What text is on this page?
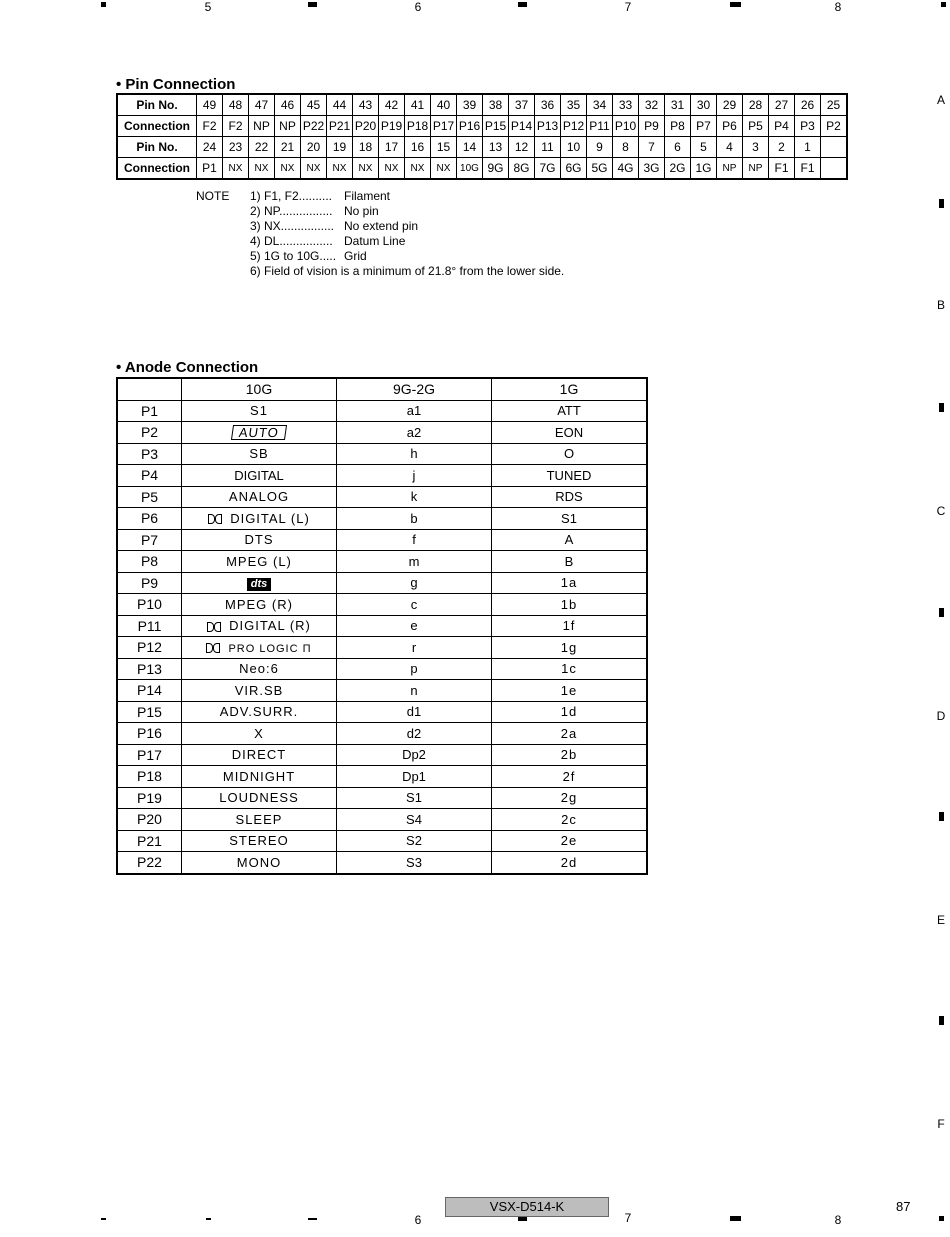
5	6	7	8
A
B
C
D
E
F
• Pin Connection
Pin No.	49	48	47	46	45	44	43	42	41	40	39	38	37	36	35	34	33	32	31	30	29	28	27	26	25
Connection	F2	F2	NP	NP	P22	P21	P20	P19	P18	P17	P16	P15	P14	P13	P12	P11	P10	P9	P8	P7	P6	P5	P4	P3	P2
Pin No.	24	23	22	21	20	19	18	17	16	15	14	13	12	11	10	9	8	7	6	5	4	3	2	1	
Connection	P1	NX	NX	NX	NX	NX	NX	NX	NX	NX	10G	9G	8G	7G	6G	5G	4G	3G	2G	1G	NP	NP	F1	F1	
NOTE 1) F1, F2.......... Filament
2) NP................ No pin
3) NX................ No extend pin
4) DL................ Datum Line
5) 1G to 10G..... Grid
6) Field of vision is a minimum of 21.8° from the lower side.
• Anode Connection
	10G	9G-2G	1G
P1	S1	a1	ATT
P2	AUTO	a2	EON
P3	SB	h	O
P4	DIGITAL	j	TUNED
P5	ANALOG	k	RDS
P6	DIGITAL (L)	b	S1
P7	DTS	f	A
P8	MPEG (L)	m	B
P9	dts	g	1a
P10	MPEG (R)	c	1b
P11	DIGITAL (R)	e	1f
P12	PRO LOGIC Π	r	1g
P13	Neo:6	p	1c
P14	VIR.SB	n	1e
P15	ADV.SURR.	d1	1d
P16	X	d2	2a
P17	DIRECT	Dp2	2b
P18	MIDNIGHT	Dp1	2f
P19	LOUDNESS	S1	2g
P20	SLEEP	S4	2c
P21	STEREO	S2	2e
P22	MONO	S3	2d
6	7	8
VSX-D514-K	87
